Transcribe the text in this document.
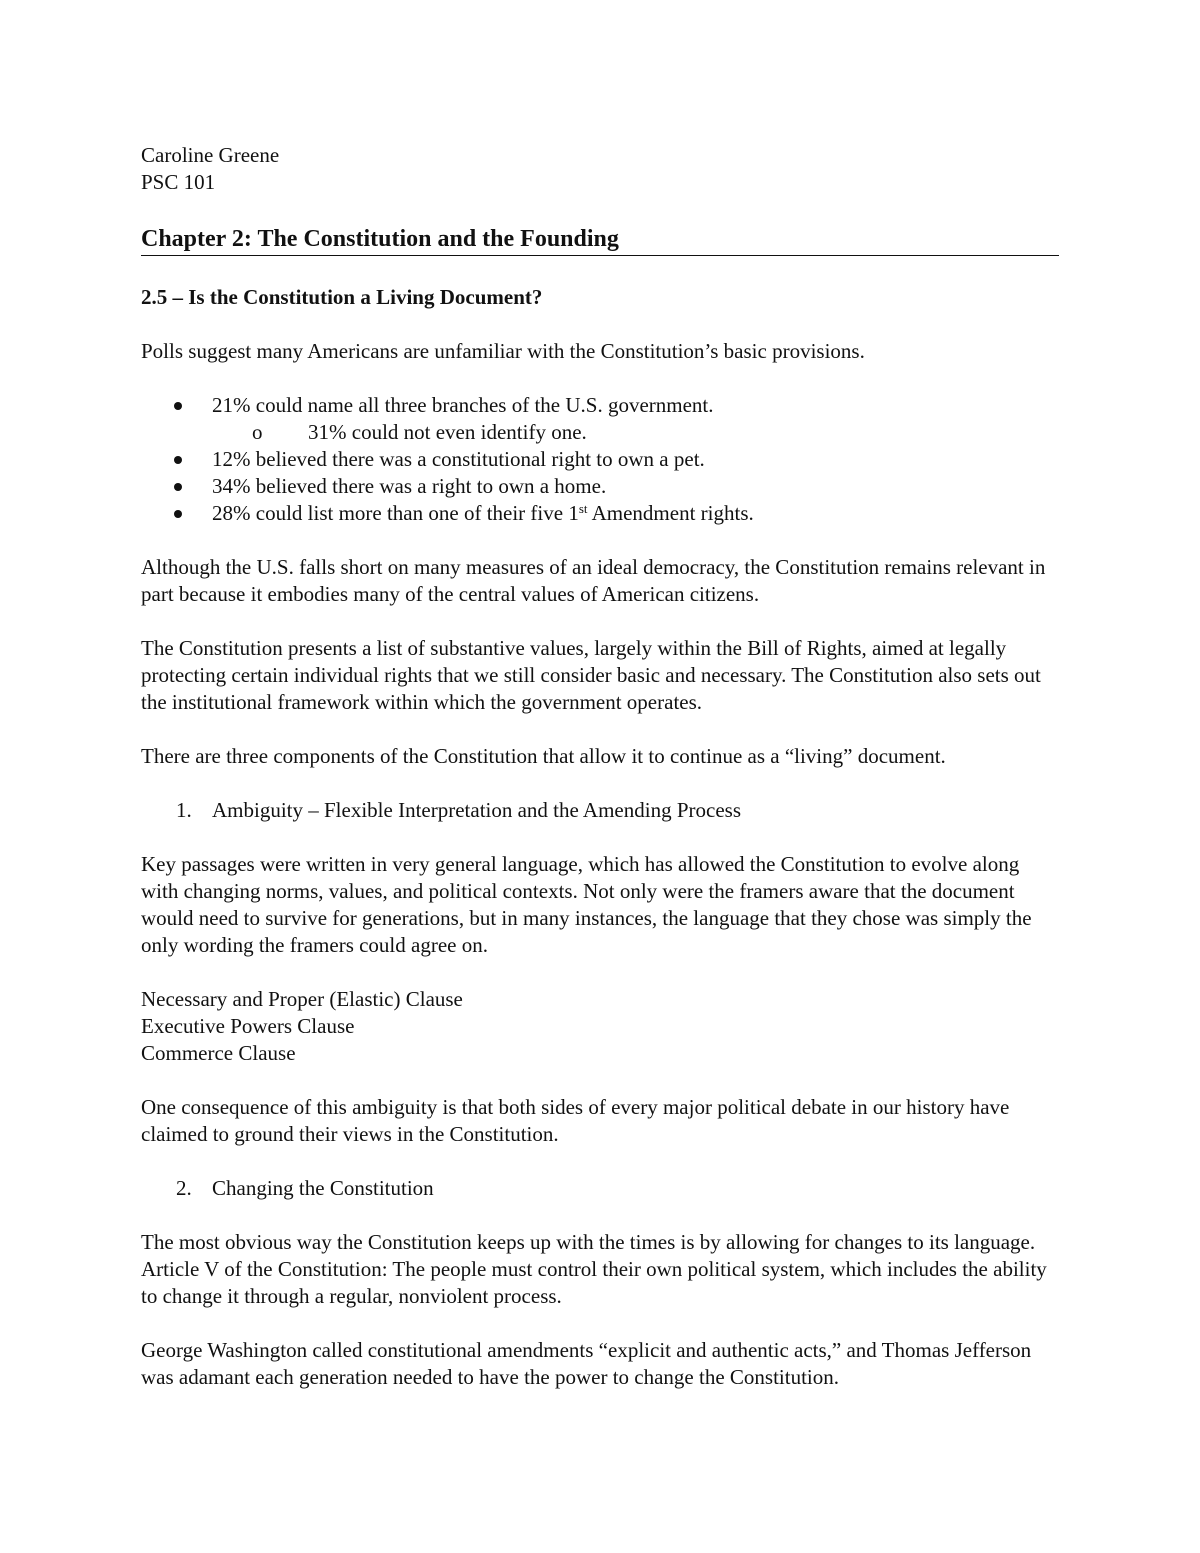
Caroline Greene

PSC 101

Chapter 2: The Constitution and the Founding

2.5 – Is the Constitution a Living Document?

Polls suggest many Americans are unfamiliar with the Constitution’s basic provisions.

21% could name all three branches of the U.S. government.
o 31% could not even identify one.
12% believed there was a constitutional right to own a pet.
34% believed there was a right to own a home.
28% could list more than one of their five 1st Amendment rights.

Although the U.S. falls short on many measures of an ideal democracy, the Constitution remains relevant in part because it embodies many of the central values of American citizens.

The Constitution presents a list of substantive values, largely within the Bill of Rights, aimed at legally protecting certain individual rights that we still consider basic and necessary. The Constitution also sets out the institutional framework within which the government operates.

There are three components of the Constitution that allow it to continue as a “living” document.

1. Ambiguity – Flexible Interpretation and the Amending Process

Key passages were written in very general language, which has allowed the Constitution to evolve along with changing norms, values, and political contexts. Not only were the framers aware that the document would need to survive for generations, but in many instances, the language that they chose was simply the only wording the framers could agree on.

Necessary and Proper (Elastic) Clause

Executive Powers Clause

Commerce Clause

One consequence of this ambiguity is that both sides of every major political debate in our history have claimed to ground their views in the Constitution.

2. Changing the Constitution

The most obvious way the Constitution keeps up with the times is by allowing for changes to its language. Article V of the Constitution: The people must control their own political system, which includes the ability to change it through a regular, nonviolent process.

George Washington called constitutional amendments “explicit and authentic acts,” and Thomas Jefferson was adamant each generation needed to have the power to change the Constitution.
